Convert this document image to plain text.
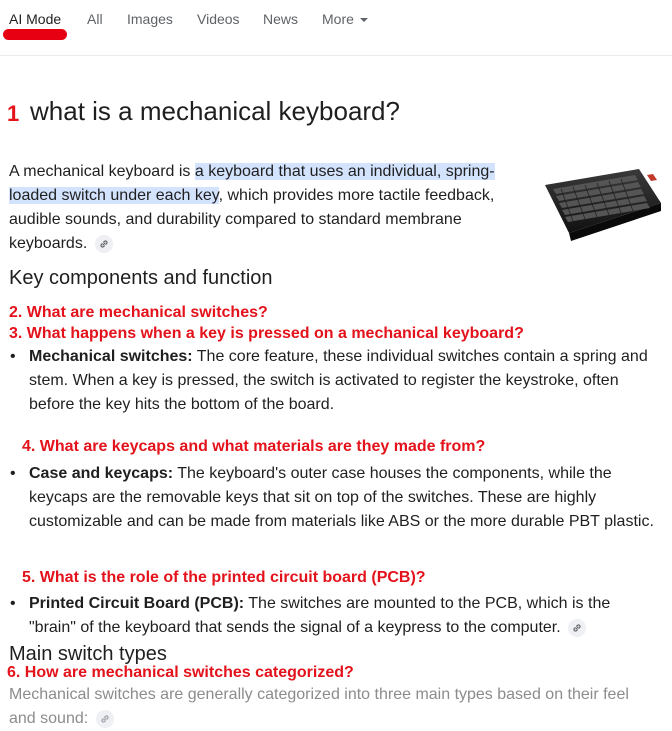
AI Mode All Images Videos News More
1 what is a mechanical keyboard?
A mechanical keyboard is a keyboard that uses an individual, spring-loaded switch under each key, which provides more tactile feedback, audible sounds, and durability compared to standard membrane keyboards.
Key components and function
2. What are mechanical switches?
3. What happens when a key is pressed on a mechanical keyboard?
• Mechanical switches: The core feature, these individual switches contain a spring and stem. When a key is pressed, the switch is activated to register the keystroke, often before the key hits the bottom of the board.
4. What are keycaps and what materials are they made from?
• Case and keycaps: The keyboard's outer case houses the components, while the keycaps are the removable keys that sit on top of the switches. These are highly customizable and can be made from materials like ABS or the more durable PBT plastic.
5. What is the role of the printed circuit board (PCB)?
• Printed Circuit Board (PCB): The switches are mounted to the PCB, which is the "brain" of the keyboard that sends the signal of a keypress to the computer.
Main switch types
6. How are mechanical switches categorized?
Mechanical switches are generally categorized into three main types based on their feel and sound:
